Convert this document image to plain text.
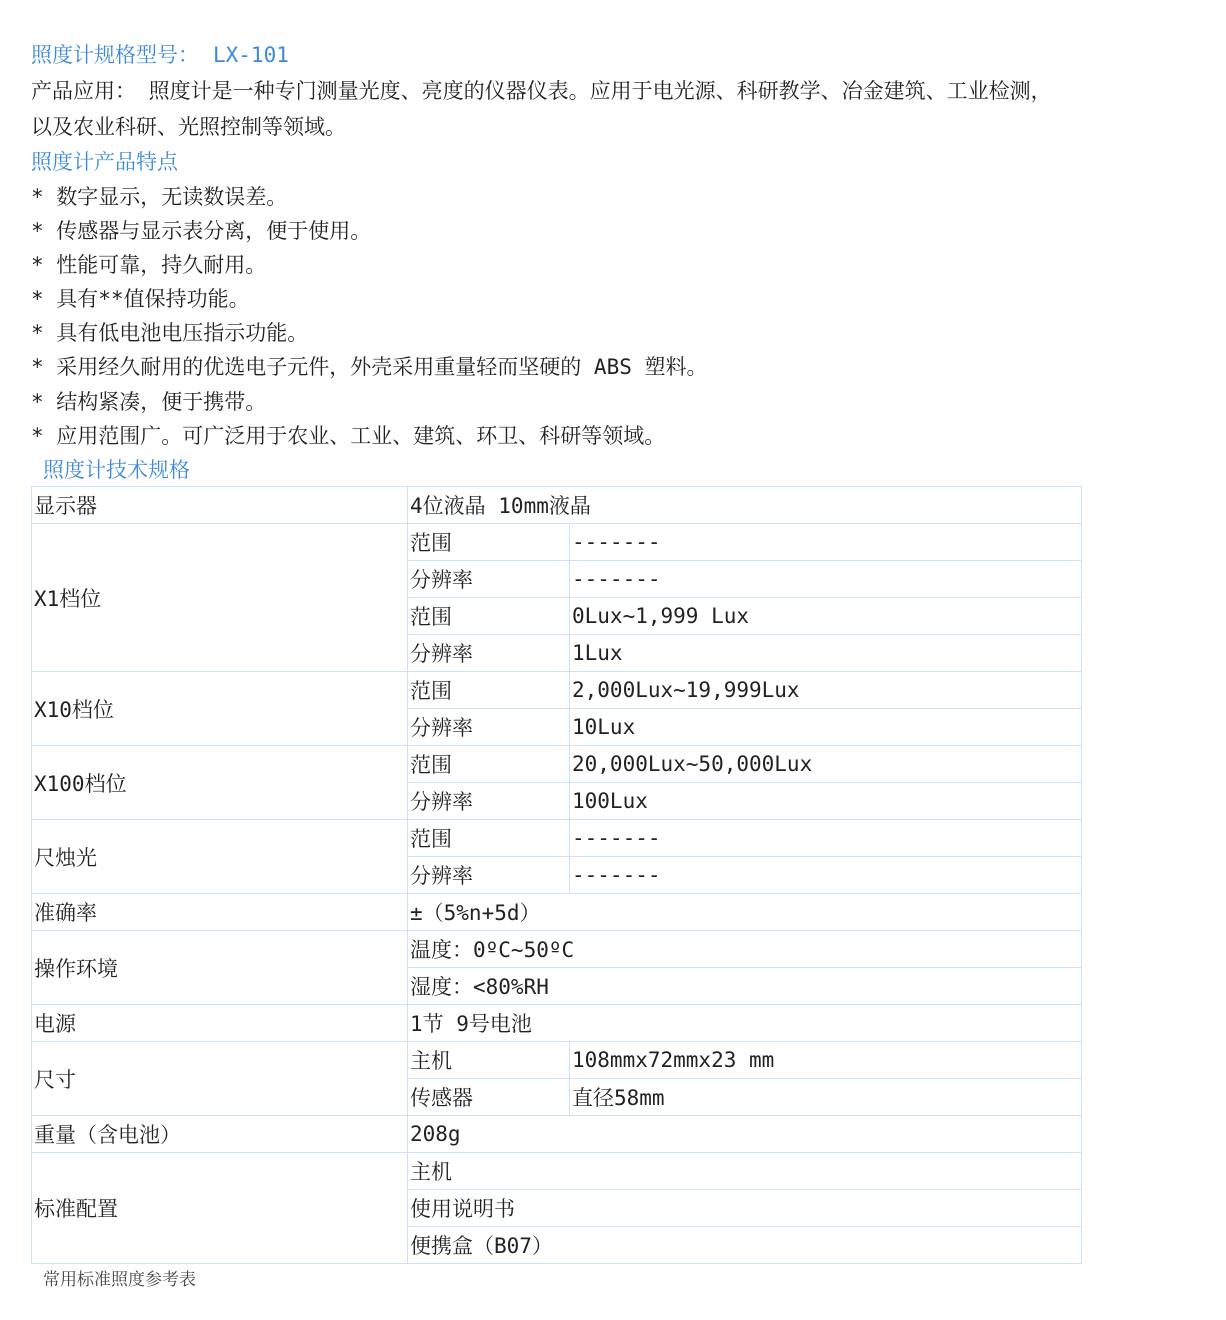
照度计规格型号： LX-101
产品应用： 照度计是一种专门测量光度、亮度的仪器仪表。应用于电光源、科研教学、冶金建筑、工业检测，
以及农业科研、光照控制等领域。
照度计产品特点
* 数字显示，无读数误差。
* 传感器与显示表分离，便于使用。
* 性能可靠，持久耐用。
* 具有**值保持功能。
* 具有低电池电压指示功能。
* 采用经久耐用的优选电子元件，外壳采用重量轻而坚硬的 ABS 塑料。
* 结构紧凑，便于携带。
* 应用范围广。可广泛用于农业、工业、建筑、环卫、科研等领域。
照度计技术规格
显示器	4位液晶 10mm液晶	
X1档位	范围	-------
	分辨率	-------
	范围	0Lux~1,999 Lux
	分辨率	1Lux
X10档位	范围	2,000Lux~19,999Lux
	分辨率	10Lux
X100档位	范围	20,000Lux~50,000Lux
	分辨率	100Lux
尺烛光	范围	-------
	分辨率	-------
准确率	±（5%n+5d）	
操作环境	温度：0ºC~50ºC	
	湿度：<80%RH	
电源	1节 9号电池	
尺寸	主机	108mmx72mmx23 mm
	传感器	直径58mm
重量（含电池）	208g	
标准配置	主机	
	使用说明书	
	便携盒（B07）	
常用标准照度参考表
